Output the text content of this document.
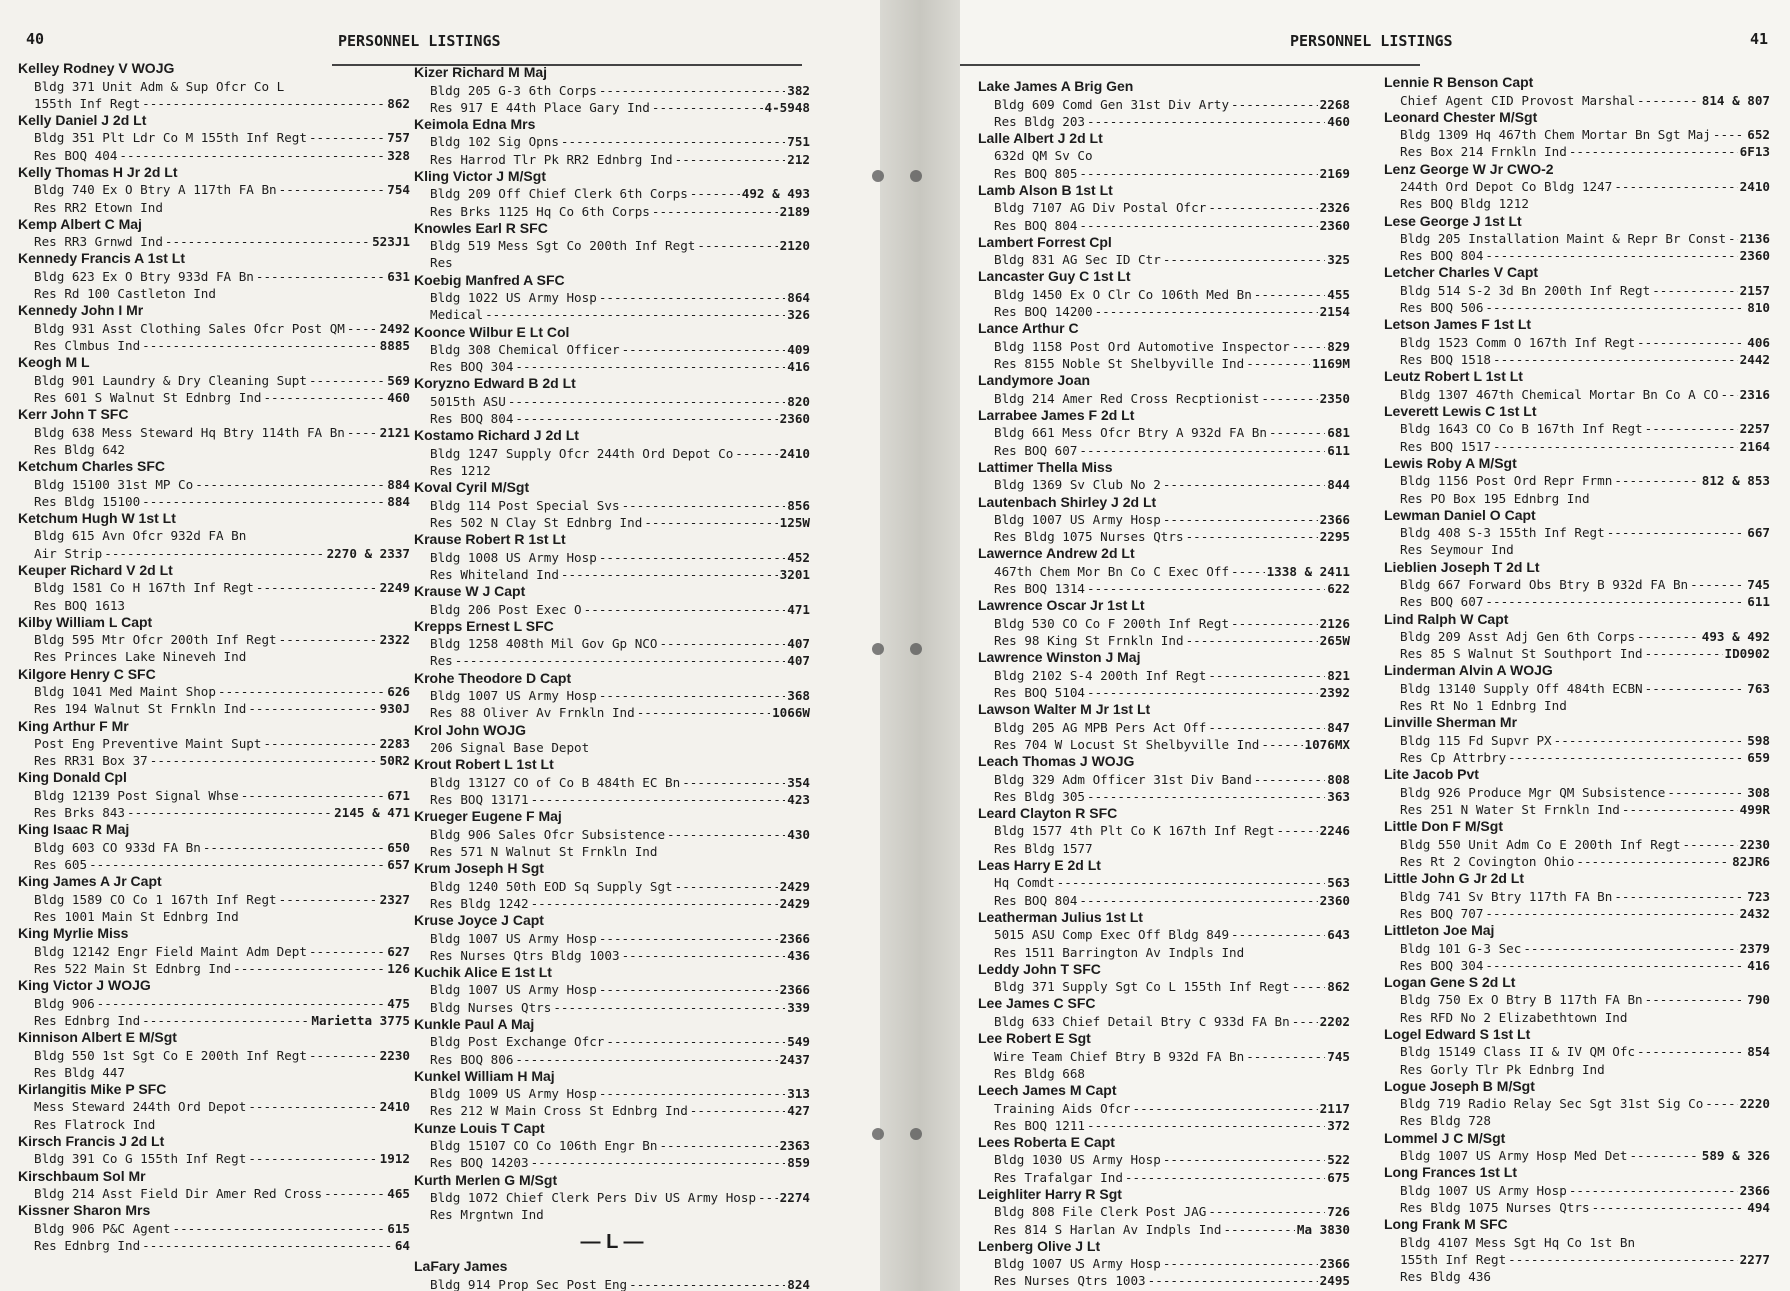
40	PERSONNEL LISTINGS
Kelley Rodney V WOJG
Bldg 371 Unit Adm & Sup Ofcr Co L
155th Inf Regt -----	862
Kelly Daniel J 2d Lt
Bldg 351 Plt Ldr Co M 155th Inf Regt -----	757
Res BOQ 404 -----	328
Kelly Thomas H Jr 2d Lt
Bldg 740 Ex O Btry A 117th FA Bn -----	754
Res RR2 Etown Ind
Kemp Albert C Maj
Res RR3 Grnwd Ind -----	523J1
Kennedy Francis A 1st Lt
Bldg 623 Ex O Btry 933d FA Bn -----	631
Res Rd 100 Castleton Ind
Kennedy John I Mr
Bldg 931 Asst Clothing Sales Ofcr Post QM -----	2492
Res Clmbus Ind -----	8885
Keogh M L
Bldg 901 Laundry & Dry Cleaning Supt -----	569
Res 601 S Walnut St Ednbrg Ind -----	460
Kerr John T SFC
Bldg 638 Mess Steward Hq Btry 114th FA Bn -----	2121
Res Bldg 642
Ketchum Charles SFC
Bldg 15100 31st MP Co -----	884
Res Bldg 15100 -----	884
Ketchum Hugh W 1st Lt
Bldg 615 Avn Ofcr 932d FA Bn
Air Strip -----	2270 & 2337
Keuper Richard V 2d Lt
Bldg 1581 Co H 167th Inf Regt -----	2249
Res BOQ 1613
Kilby William L Capt
Bldg 595 Mtr Ofcr 200th Inf Regt -----	2322
Res Princes Lake Nineveh Ind
Kilgore Henry C SFC
Bldg 1041 Med Maint Shop -----	626
Res 194 Walnut St Frnkln Ind -----	930J
King Arthur F Mr
Post Eng Preventive Maint Supt -----	2283
Res RR31 Box 37 -----	50R2
King Donald Cpl
Bldg 12139 Post Signal Whse -----	671
Res Brks 843 -----	2145 & 471
King Isaac R Maj
Bldg 603 CO 933d FA Bn -----	650
Res 605 -----	657
King James A Jr Capt
Bldg 1589 CO Co 1 167th Inf Regt -----	2327
Res 1001 Main St Ednbrg Ind
King Myrlie Miss
Bldg 12142 Engr Field Maint Adm Dept -----	627
Res 522 Main St Ednbrg Ind -----	126
King Victor J WOJG
Bldg 906 -----	475
Res Ednbrg Ind -----	Marietta 3775
Kinnison Albert E M/Sgt
Bldg 550 1st Sgt Co E 200th Inf Regt -----	2230
Res Bldg 447
Kirlangitis Mike P SFC
Mess Steward 244th Ord Depot -----	2410
Res Flatrock Ind
Kirsch Francis J 2d Lt
Bldg 391 Co G 155th Inf Regt -----	1912
Kirschbaum Sol Mr
Bldg 214 Asst Field Dir Amer Red Cross -----	465
Kissner Sharon Mrs
Bldg 906 P&C Agent -----	615
Res Ednbrg Ind -----	64
Kizer Richard M Maj
Bldg 205 G-3 6th Corps -----	382
Res 917 E 44th Place Gary Ind -----	4-5948
Keimola Edna Mrs
Bldg 102 Sig Opns -----	751
Res Harrod Tlr Pk RR2 Ednbrg Ind -----	212
Kling Victor J M/Sgt
Bldg 209 Off Chief Clerk 6th Corps -----	492 & 493
Res Brks 1125 Hq Co 6th Corps -----	2189
Knowles Earl R SFC
Bldg 519 Mess Sgt Co 200th Inf Regt -----	2120
Res
Koebig Manfred A SFC
Bldg 1022 US Army Hosp -----	864
Medical -----	326
Koonce Wilbur E Lt Col
Bldg 308 Chemical Officer -----	409
Res BOQ 304 -----	416
Koryzno Edward B 2d Lt
5015th ASU -----	820
Res BOQ 804 -----	2360
Kostamo Richard J 2d Lt
Bldg 1247 Supply Ofcr 244th Ord Depot Co -----	2410
Res 1212
Koval Cyril M/Sgt
Bldg 114 Post Special Svs -----	856
Res 502 N Clay St Ednbrg Ind -----	125W
Krause Robert R 1st Lt
Bldg 1008 US Army Hosp -----	452
Res Whiteland Ind -----	3201
Krause W J Capt
Bldg 206 Post Exec O -----	471
Krepps Ernest L SFC
Bldg 1258 408th Mil Gov Gp NCO -----	407
Res -----	407
Krohe Theodore D Capt
Bldg 1007 US Army Hosp -----	368
Res 88 Oliver Av Frnkln Ind -----	1066W
Krol John WOJG
206 Signal Base Depot
Krout Robert L 1st Lt
Bldg 13127 CO of Co B 484th EC Bn -----	354
Res BOQ 13171 -----	423
Krueger Eugene F Maj
Bldg 906 Sales Ofcr Subsistence -----	430
Res 571 N Walnut St Frnkln Ind
Krum Joseph H Sgt
Bldg 1240 50th EOD Sq Supply Sgt -----	2429
Res Bldg 1242 -----	2429
Kruse Joyce J Capt
Bldg 1007 US Army Hosp -----	2366
Res Nurses Qtrs Bldg 1003 -----	436
Kuchik Alice E 1st Lt
Bldg 1007 US Army Hosp -----	2366
Bldg Nurses Qtrs -----	339
Kunkle Paul A Maj
Bldg Post Exchange Ofcr -----	549
Res BOQ 806 -----	2437
Kunkel William H Maj
Bldg 1009 US Army Hosp -----	313
Res 212 W Main Cross St Ednbrg Ind -----	427
Kunze Louis T Capt
Bldg 15107 CO Co 106th Engr Bn -----	2363
Res BOQ 14203 -----	859
Kurth Merlen G M/Sgt
Bldg 1072 Chief Clerk Pers Div US Army Hosp ----- 2274
Res Mrgntwn Ind
— L —
LaFary James
Bldg 914 Prop Sec Post Eng -----	824
PERSONNEL LISTINGS	41
Lake James A Brig Gen
Bldg 609 Comd Gen 31st Div Arty -----	2268
Res Bldg 203 -----	460
Lalle Albert J 2d Lt
632d QM Sv Co
Res BOQ 805 -----	2169
Lamb Alson B 1st Lt
Bldg 7107 AG Div Postal Ofcr -----	2326
Res BOQ 804 -----	2360
Lambert Forrest Cpl
Bldg 831 AG Sec ID Ctr -----	325
Lancaster Guy C 1st Lt
Bldg 1450 Ex O Clr Co 106th Med Bn -----	455
Res BOQ 14200 -----	2154
Lance Arthur C
Bldg 1158 Post Ord Automotive Inspector -----	829
Res 8155 Noble St Shelbyville Ind -----	1169M
Landymore Joan
Bldg 214 Amer Red Cross Recptionist -----	2350
Larrabee James F 2d Lt
Bldg 661 Mess Ofcr Btry A 932d FA Bn -----	681
Res BOQ 607 -----	611
Lattimer Thella Miss
Bldg 1369 Sv Club No 2 -----	844
Lautenbach Shirley J 2d Lt
Bldg 1007 US Army Hosp -----	2366
Res Bldg 1075 Nurses Qtrs -----	2295
Lawernce Andrew 2d Lt
467th Chem Mor Bn Co C Exec Off -----	1338 & 2411
Res BOQ 1314 -----	622
Lawrence Oscar Jr 1st Lt
Bldg 530 CO Co F 200th Inf Regt -----	2126
Res 98 King St Frnkln Ind -----	265W
Lawrence Winston J Maj
Bldg 2102 S-4 200th Inf Regt -----	821
Res BOQ 5104 -----	2392
Lawson Walter M Jr 1st Lt
Bldg 205 AG MPB Pers Act Off -----	847
Res 704 W Locust St Shelbyville Ind -----	1076MX
Leach Thomas J WOJG
Bldg 329 Adm Officer 31st Div Band -----	808
Res Bldg 305 -----	363
Leard Clayton R SFC
Bldg 1577 4th Plt Co K 167th Inf Regt -----	2246
Res Bldg 1577
Leas Harry E 2d Lt
Hq Comdt -----	563
Res BOQ 804 -----	2360
Leatherman Julius 1st Lt
5015 ASU Comp Exec Off Bldg 849 -----	643
Res 1511 Barrington Av Indpls Ind
Leddy John T SFC
Bldg 371 Supply Sgt Co L 155th Inf Regt -----	862
Lee James C SFC
Bldg 633 Chief Detail Btry C 933d FA Bn ----- 2202
Lee Robert E Sgt
Wire Team Chief Btry B 932d FA Bn -----	745
Res Bldg 668
Leech James M Capt
Training Aids Ofcr -----	2117
Res BOQ 1211 -----	372
Lees Roberta E Capt
Bldg 1030 US Army Hosp -----	522
Res Trafalgar Ind -----	675
Leighliter Harry R Sgt
Bldg 808 File Clerk Post JAG -----	726
Res 814 S Harlan Av Indpls Ind -----	Ma 3830
Lenberg Olive J Lt
Bldg 1007 US Army Hosp -----	2366
Res Nurses Qtrs 1003 -----	2495
Lennie R Benson Capt
Chief Agent CID Provost Marshal -----	814 & 807
Leonard Chester M/Sgt
Bldg 1309 Hq 467th Chem Mortar Bn Sgt Maj -----	652
Res Box 214 Frnkln Ind -----	6F13
Lenz George W Jr CWO-2
244th Ord Depot Co Bldg 1247 -----	2410
Res BOQ Bldg 1212
Lese George J 1st Lt
Bldg 205 Installation Maint & Repr Br Const ----- 2136
Res BOQ 804 -----	2360
Letcher Charles V Capt
Bldg 514 S-2 3d Bn 200th Inf Regt -----	2157
Res BOQ 506 -----	810
Letson James F 1st Lt
Bldg 1523 Comm O 167th Inf Regt -----	406
Res BOQ 1518 -----	2442
Leutz Robert L 1st Lt
Bldg 1307 467th Chemical Mortar Bn Co A CO ----- 2316
Leverett Lewis C 1st Lt
Bldg 1643 CO Co B 167th Inf Regt -----	2257
Res BOQ 1517 -----	2164
Lewis Roby A M/Sgt
Bldg 1156 Post Ord Repr Frmn -----	812 & 853
Res PO Box 195 Ednbrg Ind
Lewman Daniel O Capt
Bldg 408 S-3 155th Inf Regt -----	667
Res Seymour Ind
Lieblien Joseph T 2d Lt
Bldg 667 Forward Obs Btry B 932d FA Bn -----	745
Res BOQ 607 -----	611
Lind Ralph W Capt
Bldg 209 Asst Adj Gen 6th Corps -----	493 & 492
Res 85 S Walnut St Southport Ind -----	ID0902
Linderman Alvin A WOJG
Bldg 13140 Supply Off 484th ECBN -----	763
Res Rt No 1 Ednbrg Ind
Linville Sherman Mr
Bldg 115 Fd Supvr PX -----	598
Res Cp Attrbry -----	659
Lite Jacob Pvt
Bldg 926 Produce Mgr QM Subsistence -----	308
Res 251 N Water St Frnkln Ind -----	499R
Little Don F M/Sgt
Bldg 550 Unit Adm Co E 200th Inf Regt -----	2230
Res Rt 2 Covington Ohio -----	82JR6
Little John G Jr 2d Lt
Bldg 741 Sv Btry 117th FA Bn -----	723
Res BOQ 707 -----	2432
Littleton Joe Maj
Bldg 101 G-3 Sec -----	2379
Res BOQ 304 -----	416
Logan Gene S 2d Lt
Bldg 750 Ex O Btry B 117th FA Bn -----	790
Res RFD No 2 Elizabethtown Ind
Logel Edward S 1st Lt
Bldg 15149 Class II & IV QM Ofc -----	854
Res Gorly Tlr Pk Ednbrg Ind
Logue Joseph B M/Sgt
Bldg 719 Radio Relay Sec Sgt 31st Sig Co -----	2220
Res Bldg 728
Lommel J C M/Sgt
Bldg 1007 US Army Hosp Med Det -----	589 & 326
Long Frances 1st Lt
Bldg 1007 US Army Hosp -----	2366
Res Bldg 1075 Nurses Qtrs -----	494
Long Frank M SFC
Bldg 4107 Mess Sgt Hq Co 1st Bn
155th Inf Regt -----	2277
Res Bldg 436
